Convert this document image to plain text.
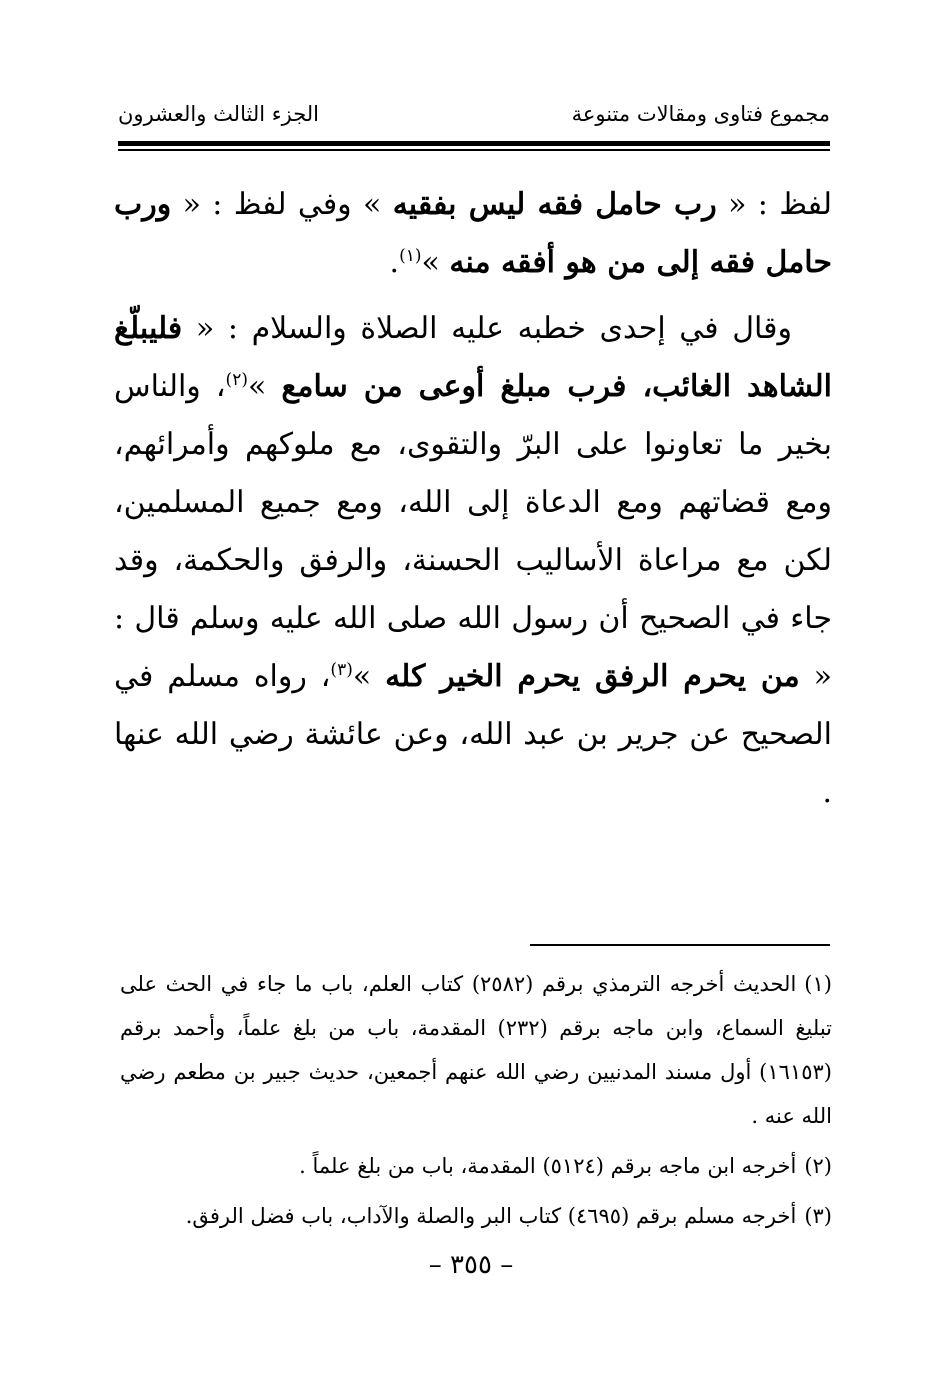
مجموع فتاوى ومقالات متنوعة
الجزء الثالث والعشرون

لفظ : « رب حامل فقه ليس بفقيه » وفي لفظ : « ورب حامل فقه إلى من هو أفقه منه »$^{(١)}$.

وقال في إحدى خطبه عليه الصلاة والسلام : « فليبلّغ الشاهد الغائب، فرب مبلغ أوعى من سامع »$^{(٢)}$، والناس بخير ما تعاونوا على البرّ والتقوى، مع ملوكهم وأمرائهم، ومع قضاتهم ومع الدعاة إلى الله، ومع جميع المسلمين، لكن مع مراعاة الأساليب الحسنة، والرفق والحكمة، وقد جاء في الصحيح أن رسول الله صلى الله عليه وسلم قال : « من يحرم الرفق يحرم الخير كله »$^{(٣)}$، رواه مسلم في الصحيح عن جرير بن عبد الله، وعن عائشة رضي الله عنها .

(١)الحديث أخرجه الترمذي برقم (٢٥٨٢) كتاب العلم، باب ما جاء في الحث على تبليغ السماع، وابن ماجه برقم (٢٣٢) المقدمة، باب من بلغ علماً، وأحمد برقم (١٦١٥٣) أول مسند المدنيين رضي الله عنهم أجمعين، حديث جبير بن مطعم رضي الله عنه .

(٢)أخرجه ابن ماجه برقم (٥١٢٤) المقدمة، باب من بلغ علماً .

(٣)أخرجه مسلم برقم (٤٦٩٥) كتاب البر والصلة والآداب، باب فضل الرفق.

– ٣٥٥ –
